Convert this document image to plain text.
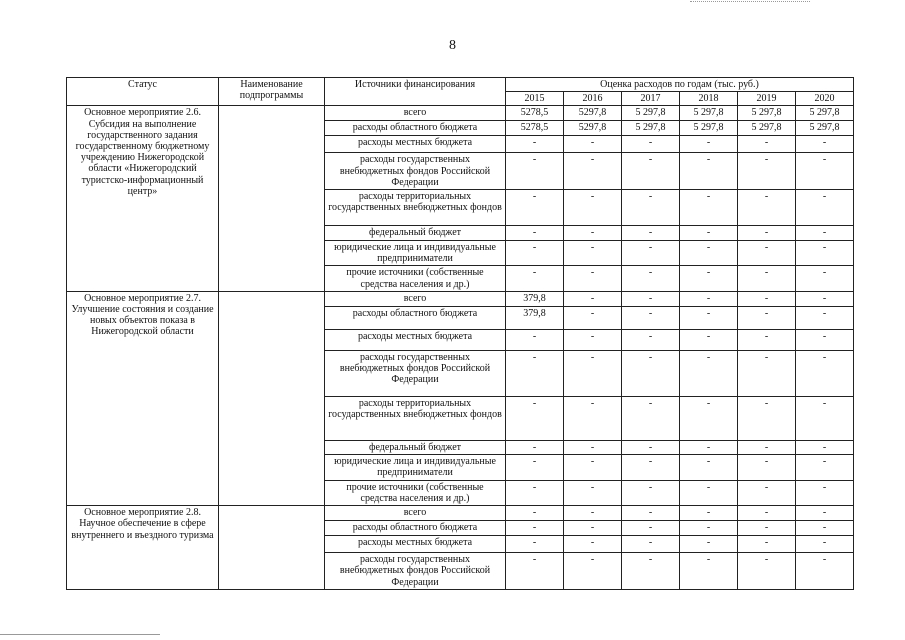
8
Статус	Наименование подпрограммы	Источники финансирования	Оценка расходов по годам (тыс. руб.)					
			2015	2016	2017	2018	2019	2020
Основное мероприятие 2.6. Субсидия на выполнение государственного задания государственному бюджетному учреждению Нижегородской области «Нижегородский туристско-информационный центр»		всего	5278,5	5297,8	5 297,8	5 297,8	5 297,8	5 297,8
		расходы областного бюджета	5278,5	5297,8	5 297,8	5 297,8	5 297,8	5 297,8
		расходы местных бюджета	-	-	-	-	-	-
		расходы государственных внебюджетных фондов Российской Федерации	-	-	-	-	-	-
		расходы территориальных государственных внебюджетных фондов	-	-	-	-	-	-
		федеральный бюджет	-	-	-	-	-	-
		юридические лица и индивидуальные предприниматели	-	-	-	-	-	-
		прочие источники (собственные средства населения и др.)	-	-	-	-	-	-
Основное мероприятие 2.7. Улучшение состояния и создание новых объектов показа в Нижегородской области		всего	379,8	-	-	-	-	-
		расходы областного бюджета	379,8	-	-	-	-	-
		расходы местных бюджета	-	-	-	-	-	-
		расходы государственных внебюджетных фондов Российской Федерации	-	-	-	-	-	-
		расходы территориальных государственных внебюджетных фондов	-	-	-	-	-	-
		федеральный бюджет	-	-	-	-	-	-
		юридические лица и индивидуальные предприниматели	-	-	-	-	-	-
		прочие источники (собственные средства населения и др.)	-	-	-	-	-	-
Основное мероприятие 2.8. Научное обеспечение в сфере внутреннего и въездного туризма		всего	-	-	-	-	-	-
		расходы областного бюджета	-	-	-	-	-	-
		расходы местных бюджета	-	-	-	-	-	-
		расходы государственных внебюджетных фондов Российской Федерации	-	-	-	-	-	-
